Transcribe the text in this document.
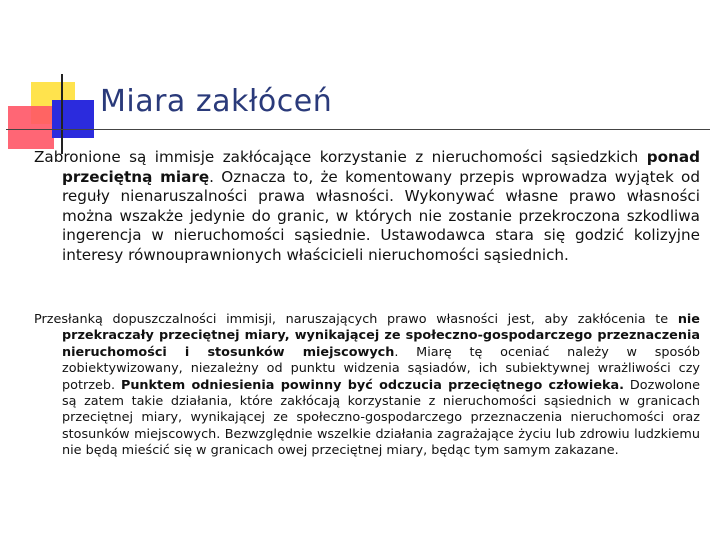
Miara zakłóceń

Zabronione są immisje zakłócające korzystanie z nieruchomości sąsiedzkich ponad przeciętną miarę. Oznacza to, że komentowany przepis wprowadza wyjątek od reguły nienaruszalności prawa własności. Wykonywać własne prawo własności można wszakże jedynie do granic, w których nie zostanie przekroczona szkodliwa ingerencja w nieruchomości sąsiednie. Ustawodawca stara się godzić kolizyjne interesy równouprawnionych właścicieli nieruchomości sąsiednich.

Przesłanką dopuszczalności immisji, naruszających prawo własności jest, aby zakłócenia te nie przekraczały przeciętnej miary, wynikającej ze społeczno-gospodarczego przeznaczenia nieruchomości i stosunków miejscowych. Miarę tę oceniać należy w sposób zobiektywizowany, niezależny od punktu widzenia sąsiadów, ich subiektywnej wrażliwości czy potrzeb. Punktem odniesienia powinny być odczucia przeciętnego człowieka. Dozwolone są zatem takie działania, które zakłócają korzystanie z nieruchomości sąsiednich w granicach przeciętnej miary, wynikającej ze społeczno-gospodarczego przeznaczenia nieruchomości oraz stosunków miejscowych. Bezwzględnie wszelkie działania zagrażające życiu lub zdrowiu ludzkiemu nie będą mieścić się w granicach owej przeciętnej miary, będąc tym samym zakazane.
